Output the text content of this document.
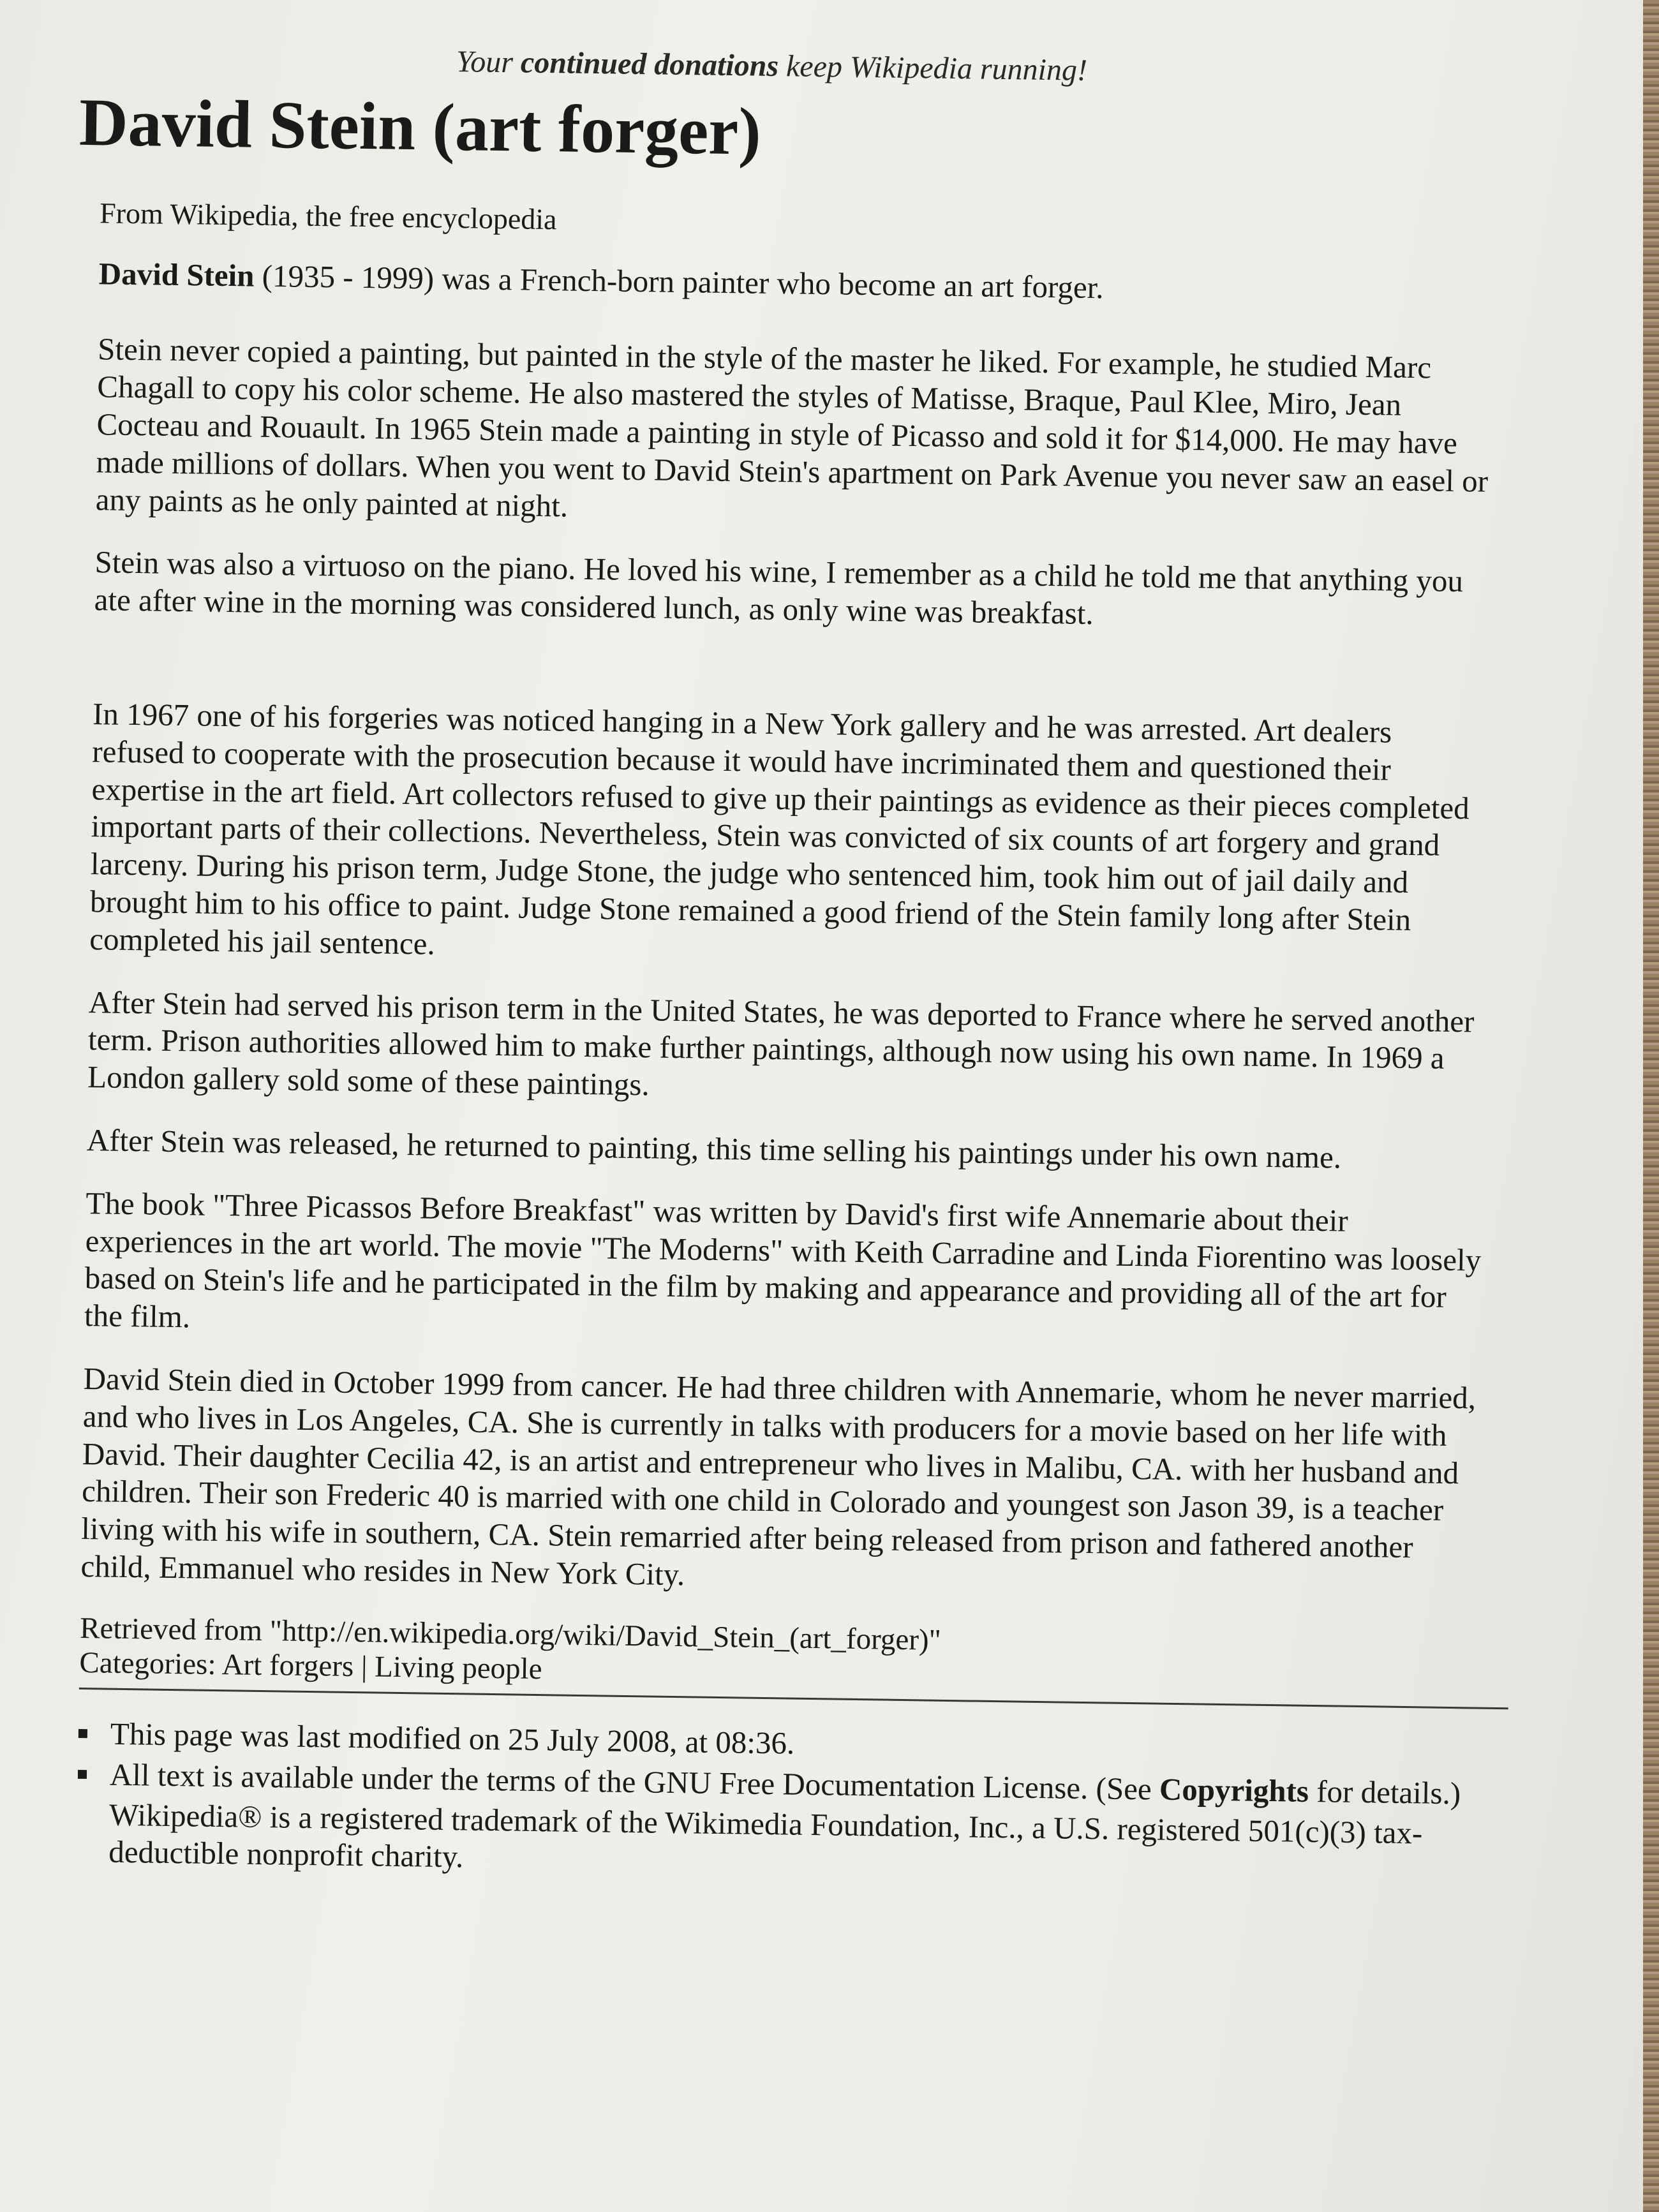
Your continued donations keep Wikipedia running!
David Stein (art forger)
From Wikipedia, the free encyclopedia

David Stein (1935 - 1999) was a French-born painter who become an art forger.

Stein never copied a painting, but painted in the style of the master he liked. For example, he studied Marc Chagall to copy his color scheme. He also mastered the styles of Matisse, Braque, Paul Klee, Miro, Jean Cocteau and Rouault. In 1965 Stein made a painting in style of Picasso and sold it for $14,000. He may have made millions of dollars. When you went to David Stein's apartment on Park Avenue you never saw an easel or any paints as he only painted at night.

Stein was also a virtuoso on the piano. He loved his wine, I remember as a child he told me that anything you ate after wine in the morning was considered lunch, as only wine was breakfast.

In 1967 one of his forgeries was noticed hanging in a New York gallery and he was arrested. Art dealers refused to cooperate with the prosecution because it would have incriminated them and questioned their expertise in the art field. Art collectors refused to give up their paintings as evidence as their pieces completed important parts of their collections. Nevertheless, Stein was convicted of six counts of art forgery and grand larceny. During his prison term, Judge Stone, the judge who sentenced him, took him out of jail daily and brought him to his office to paint. Judge Stone remained a good friend of the Stein family long after Stein completed his jail sentence.

After Stein had served his prison term in the United States, he was deported to France where he served another term. Prison authorities allowed him to make further paintings, although now using his own name. In 1969 a London gallery sold some of these paintings.

After Stein was released, he returned to painting, this time selling his paintings under his own name.

The book "Three Picassos Before Breakfast" was written by David's first wife Annemarie about their experiences in the art world. The movie "The Moderns" with Keith Carradine and Linda Fiorentino was loosely based on Stein's life and he participated in the film by making and appearance and providing all of the art for the film.

David Stein died in October 1999 from cancer. He had three children with Annemarie, whom he never married, and who lives in Los Angeles, CA. She is currently in talks with producers for a movie based on her life with David. Their daughter Cecilia 42, is an artist and entrepreneur who lives in Malibu, CA. with her husband and children. Their son Frederic 40 is married with one child in Colorado and youngest son Jason 39, is a teacher living with his wife in southern, CA. Stein remarried after being released from prison and fathered another child, Emmanuel who resides in New York City.

Retrieved from "http://en.wikipedia.org/wiki/David_Stein_(art_forger)"
Categories: Art forgers | Living people
This page was last modified on 25 July 2008, at 08:36.
All text is available under the terms of the GNU Free Documentation License. (See Copyrights for details.)
Wikipedia® is a registered trademark of the Wikimedia Foundation, Inc., a U.S. registered 501(c)(3) tax-deductible nonprofit charity.
